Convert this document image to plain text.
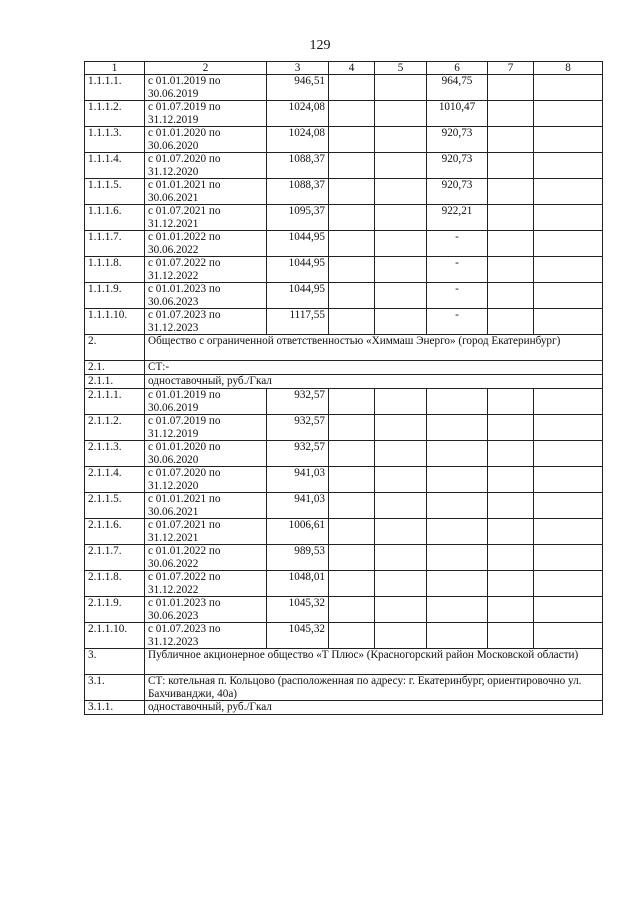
129
1	2	3	4	5	6	7	8
1.1.1.1.	с 01.01.2019 по 30.06.2019	946,51			964,75		
1.1.1.2.	с 01.07.2019 по 31.12.2019	1024,08			1010,47		
1.1.1.3.	с 01.01.2020 по 30.06.2020	1024,08			920,73		
1.1.1.4.	с 01.07.2020 по 31.12.2020	1088,37			920,73		
1.1.1.5.	с 01.01.2021 по 30.06.2021	1088,37			920,73		
1.1.1.6.	с 01.07.2021 по 31.12.2021	1095,37			922,21		
1.1.1.7.	с 01.01.2022 по 30.06.2022	1044,95			-		
1.1.1.8.	с 01.07.2022 по 31.12.2022	1044,95			-		
1.1.1.9.	с 01.01.2023 по 30.06.2023	1044,95			-		
1.1.1.10.	с 01.07.2023 по 31.12.2023	1117,55			-		
2.	Общество с ограниченной ответственностью «Химмаш Энерго» (город Екатеринбург)						
2.1.	СТ:-						
2.1.1.	одноставочный, руб./Гкал						
2.1.1.1.	с 01.01.2019 по 30.06.2019	932,57					
2.1.1.2.	с 01.07.2019 по 31.12.2019	932,57					
2.1.1.3.	с 01.01.2020 по 30.06.2020	932,57					
2.1.1.4.	с 01.07.2020 по 31.12.2020	941,03					
2.1.1.5.	с 01.01.2021 по 30.06.2021	941,03					
2.1.1.6.	с 01.07.2021 по 31.12.2021	1006,61					
2.1.1.7.	с 01.01.2022 по 30.06.2022	989,53					
2.1.1.8.	с 01.07.2022 по 31.12.2022	1048,01					
2.1.1.9.	с 01.01.2023 по 30.06.2023	1045,32					
2.1.1.10.	с 01.07.2023 по 31.12.2023	1045,32					
3.	Публичное акционерное общество «Т Плюс» (Красногорский район Московской области)						
3.1.	СТ: котельная п. Кольцово (расположенная по адресу: г. Екатеринбург, ориентировочно ул. Бахчиванджи, 40а)						
3.1.1.	одноставочный, руб./Гкал						
